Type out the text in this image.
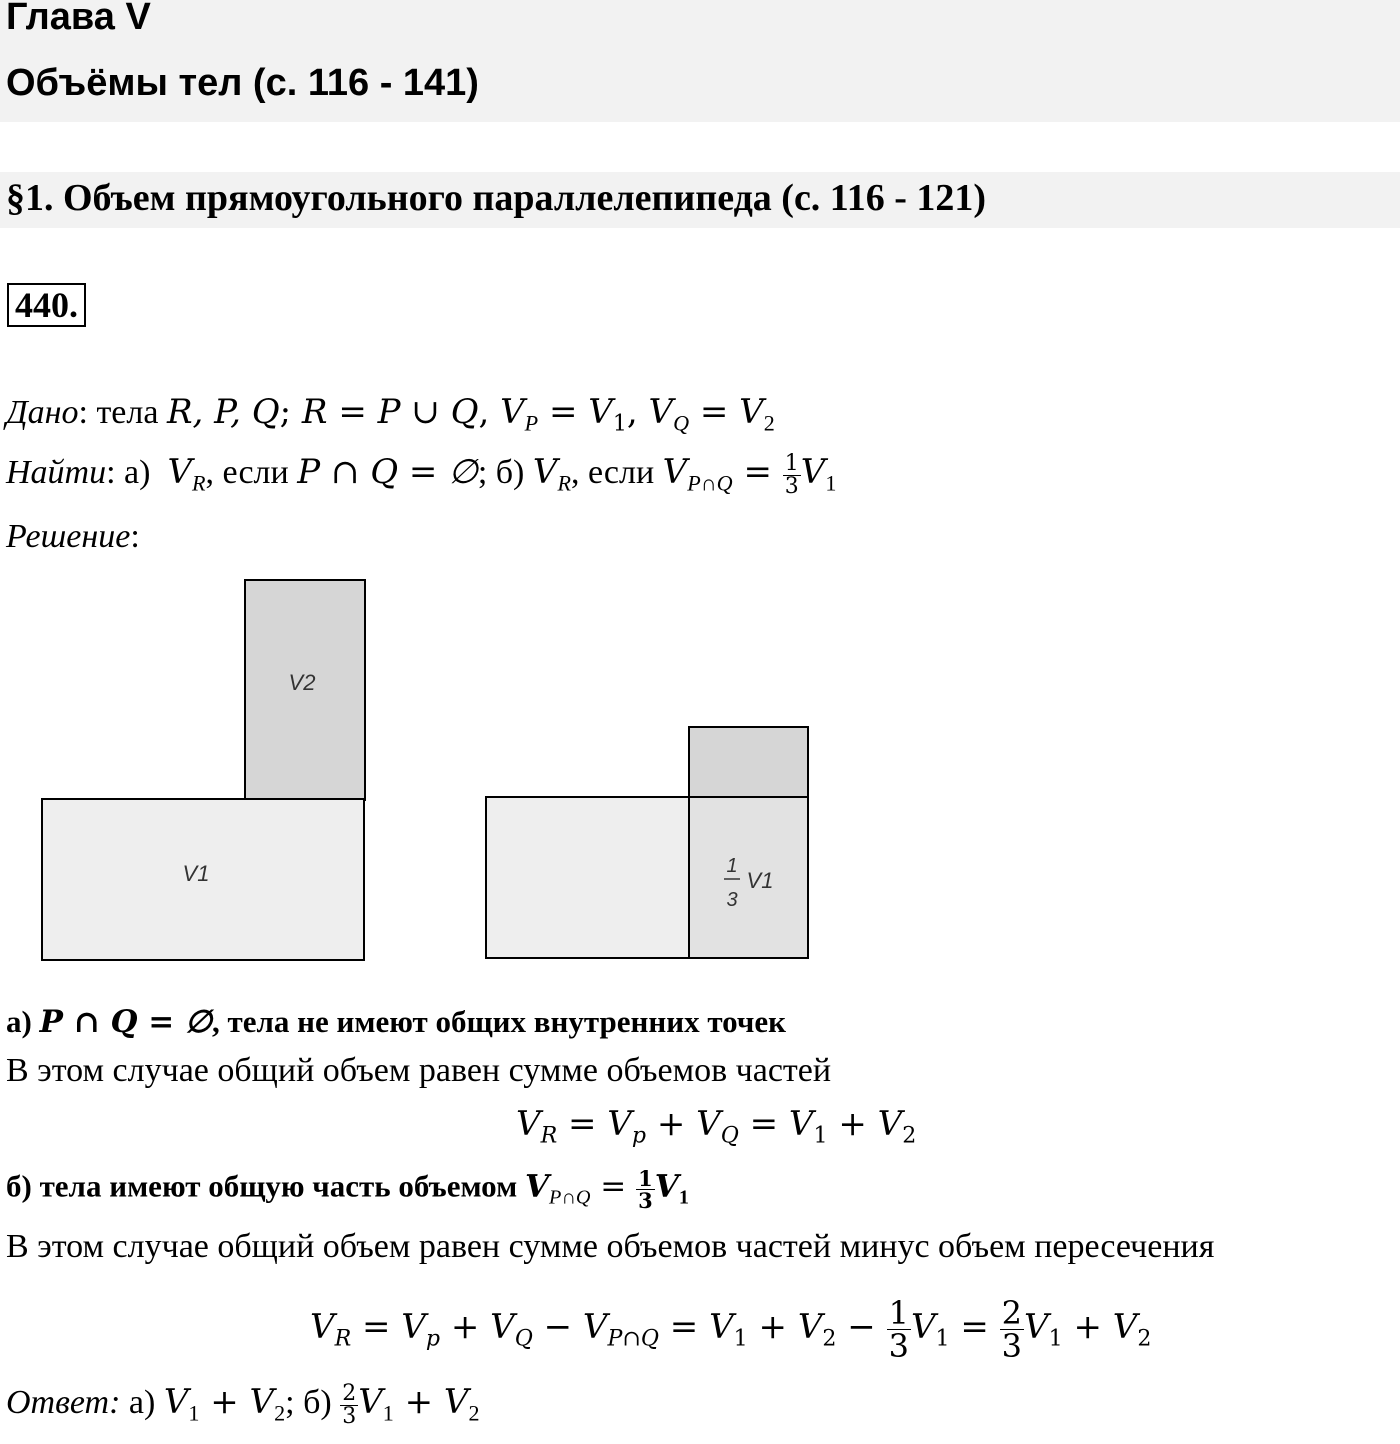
Глава V
Объёмы тел (с. 116 - 141)
§1. Объем прямоугольного параллелепипеда (с. 116 - 121)
440.
Дано: тела R, P, Q; R = P ∪ Q, $V_P = V_1$, $V_Q = V_2$
Найти: а) $V_R$, если P ∩ Q = ∅; б) $V_R$, если $V_{P\cap Q} = \frac{1}{3} V_1$
Решение:
V2
V1	1
3
V1
а) P ∩ Q = ∅, тела не имеют общих внутренних точек
В этом случае общий объем равен сумме объемов частей
$V_R = V_p + V_Q = V_1 + V_2$
б) тела имеют общую часть объемом $V_{P\cap Q} = \frac{1}{3} V_1$
В этом случае общий объем равен сумме объемов частей минус объем пересечения
$V_R = V_p + V_Q - V_{P\cap Q} = V_1 + V_2 - \frac{1}{3} V_1 = \frac{2}{3} V_1 + V_2$
Ответ: а) $V_1 + V_2$; $б) \frac{2}{3} V_1 + V_2$
